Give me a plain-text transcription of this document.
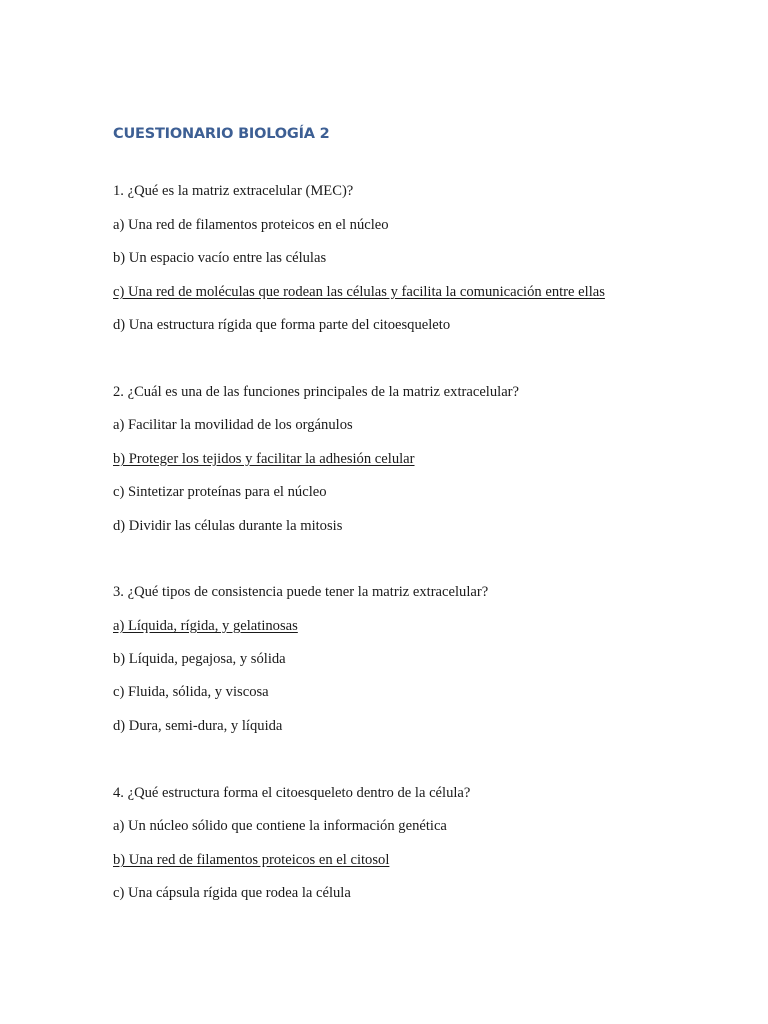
CUESTIONARIO BIOLOGÍA 2
1. ¿Qué es la matriz extracelular (MEC)?
a) Una red de filamentos proteicos en el núcleo
b) Un espacio vacío entre las células
c) Una red de moléculas que rodean las células y facilita la comunicación entre ellas
d) Una estructura rígida que forma parte del citoesqueleto
2. ¿Cuál es una de las funciones principales de la matriz extracelular?
a) Facilitar la movilidad de los orgánulos
b) Proteger los tejidos y facilitar la adhesión celular
c) Sintetizar proteínas para el núcleo
d) Dividir las células durante la mitosis
3. ¿Qué tipos de consistencia puede tener la matriz extracelular?
a) Líquida, rígida, y gelatinosas
b) Líquida, pegajosa, y sólida
c) Fluida, sólida, y viscosa
d) Dura, semi-dura, y líquida
4. ¿Qué estructura forma el citoesqueleto dentro de la célula?
a) Un núcleo sólido que contiene la información genética
b) Una red de filamentos proteicos en el citosol
c) Una cápsula rígida que rodea la célula
